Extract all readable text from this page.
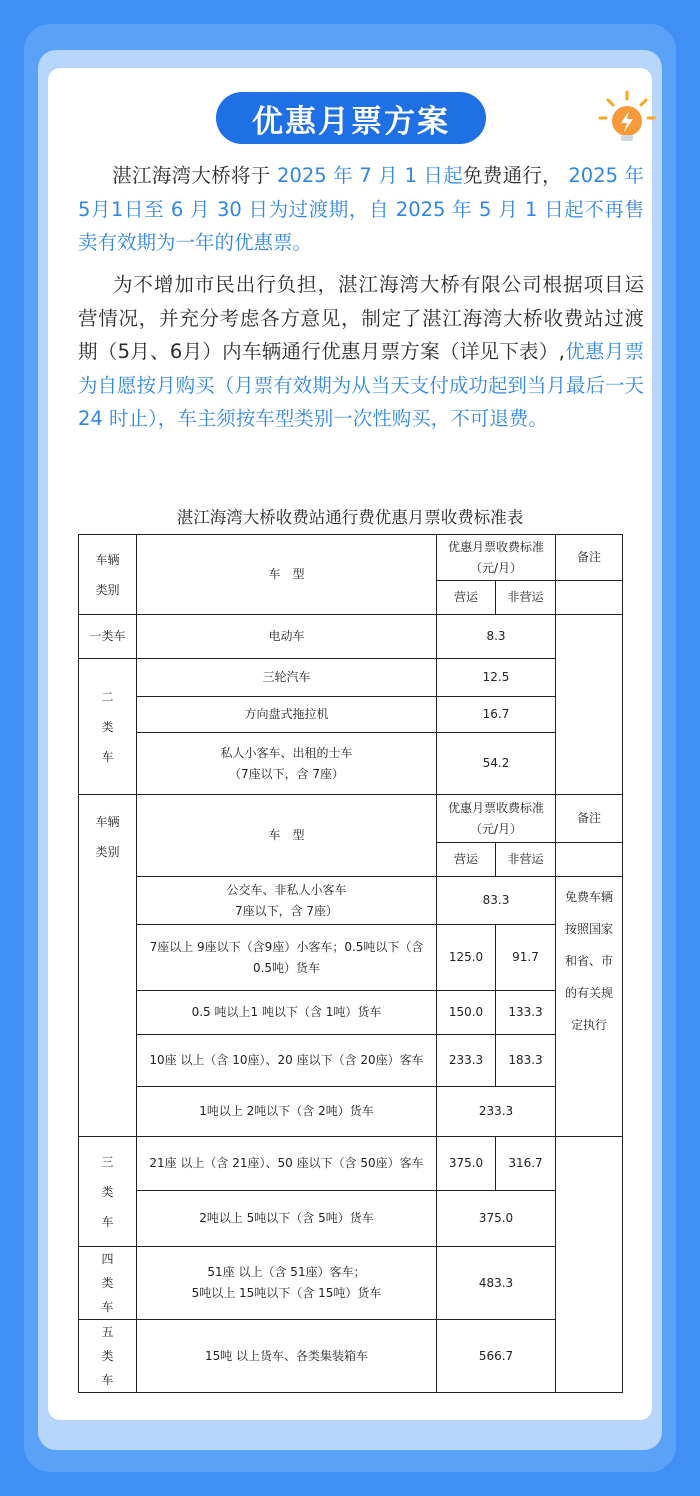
优惠月票方案
湛江海湾大桥将于 2025 年 7 月 1 日起免费通行， 2025 年 5月1日至 6 月 30 日为过渡期，自 2025 年 5 月 1 日起不再售卖有效期为一年的优惠票。
为不增加市民出行负担，湛江海湾大桥有限公司根据项目运 营情况，并充分考虑各方意见，制定了湛江海湾大桥收费站过渡 期（5月、6月）内车辆通行优惠月票方案（详见下表）,优惠月票为自愿按月购买（月票有效期为从当天支付成功起到当月最后一天24 时止），车主须按车型类别一次性购买，不可退费。
湛江海湾大桥收费站通行费优惠月票收费标准表
车辆
类别	车　型	优惠月票收费标准
（元/月）		备注
		营运	非营运	
一类车	电动车	8.3		
二
类
车	三轮汽车	12.5		
	方向盘式拖拉机	16.7		
	私人小客车、出租的士车
（7座以下，含 7座）	54.2		
车辆
类别	车　型	优惠月票收费标准
（元/月）		备注
		营运	非营运	
	公交车、非私人小客车
7座以下，含 7座）	83.3		免费车辆
按照国家
和省、市
的有关规
定执行
	7座以上 9座以下（含9座）小客车；0.5吨以下（含
0.5吨）货车	125.0	91.7	
	0.5 吨以上1 吨以下（含 1吨）货车	150.0	133.3	
	10座 以上（含 10座）、20 座以下（含 20座）客车	233.3	183.3	
	1吨以上 2吨以下（含 2吨）货车	233.3		
三
类
车	21座 以上（含 21座）、50 座以下（含 50座）客车	375.0	316.7	
	2吨以上 5吨以下（含 5吨）货车	375.0		
四
类
车	51座 以上（含 51座）客车；
5吨以上 15吨以下（含 15吨）货车	483.3		
五
类
车	15吨 以上货车、各类集装箱车	566.7		
